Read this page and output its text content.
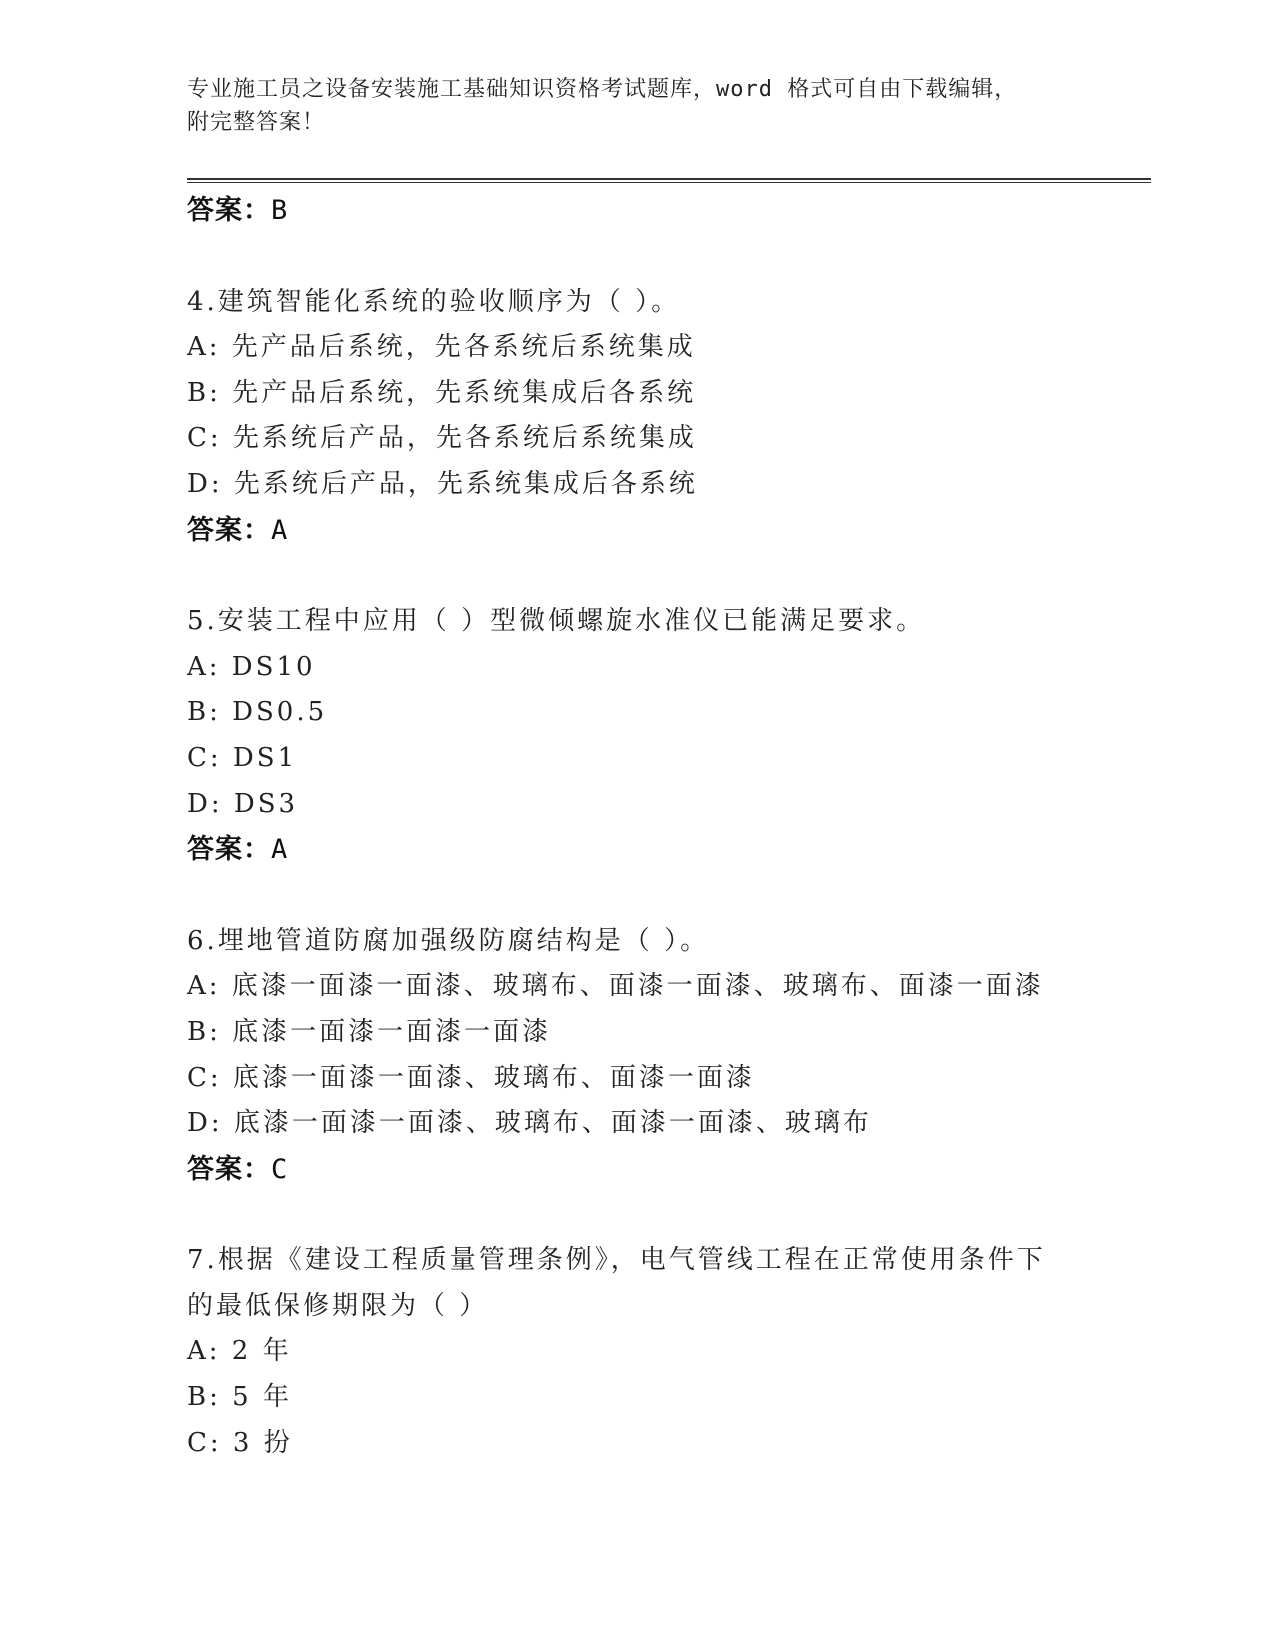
专业施工员之设备安装施工基础知识资格考试题库，word 格式可自由下载编辑，
附完整答案！
答案：B
4.建筑智能化系统的验收顺序为（ ）。
A: 先产品后系统，先各系统后系统集成
B: 先产品后系统，先系统集成后各系统
C: 先系统后产品，先各系统后系统集成
D: 先系统后产品，先系统集成后各系统
答案：A
5.安装工程中应用（ ）型微倾螺旋水准仪已能满足要求。
A: DS10
B: DS0.5
C: DS1
D: DS3
答案：A
6.埋地管道防腐加强级防腐结构是（ ）。
A: 底漆一面漆一面漆、玻璃布、面漆一面漆、玻璃布、面漆一面漆
B: 底漆一面漆一面漆一面漆
C: 底漆一面漆一面漆、玻璃布、面漆一面漆
D: 底漆一面漆一面漆、玻璃布、面漆一面漆、玻璃布
答案：C
7.根据《建设工程质量管理条例》，电气管线工程在正常使用条件下
的最低保修期限为（ ）
A: 2 年
B: 5 年
C: 3 扮
